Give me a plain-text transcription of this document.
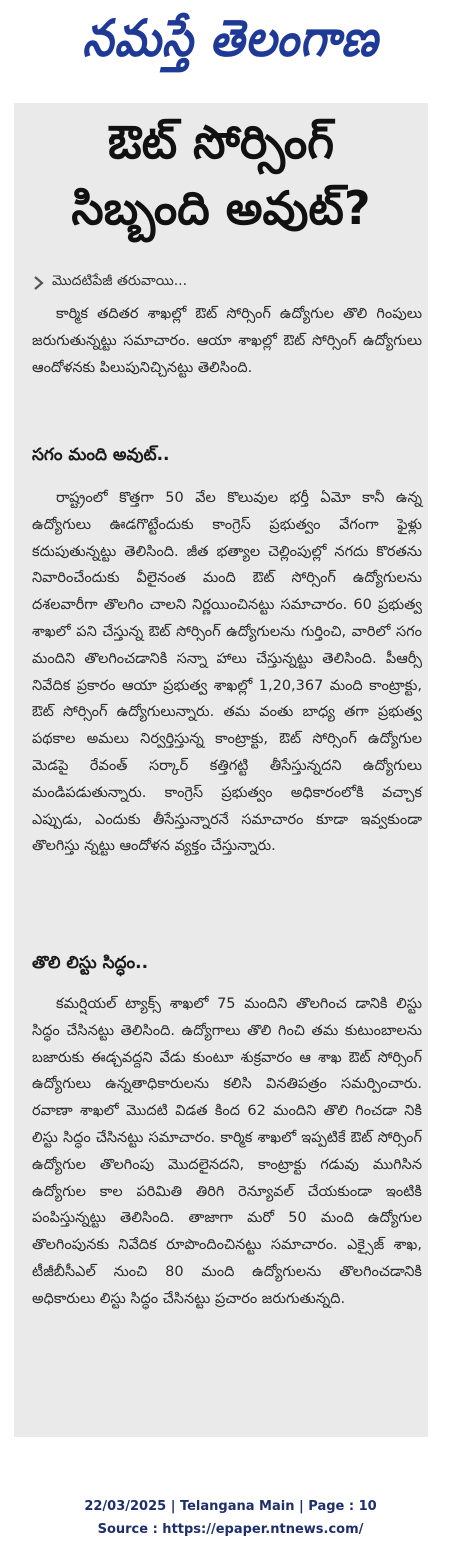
నమస్తే తెలంగాణ
ఔట్ సోర్సింగ్
సిబ్బంది అవుట్?
మొదటిపేజీ తరువాయి...

కార్మిక తదితర శాఖల్లో ఔట్ సోర్సింగ్ ఉద్యోగుల తొలి గింపులు జరుగుతున్నట్టు సమాచారం. ఆయా శాఖల్లో ఔట్ సోర్సింగ్ ఉద్యోగులు ఆందోళనకు పిలుపునిచ్చినట్టు తెలిసింది.

సగం మంది అవుట్..

రాష్ట్రంలో కొత్తగా 50 వేల కొలువుల భర్తీ ఏమో కానీ ఉన్న ఉద్యోగులు ఊడగొట్టేందుకు కాంగ్రెస్ ప్రభుత్వం వేగంగా ఫైళ్లు కదుపుతున్నట్టు తెలిసింది. జీత భత్యాల చెల్లింపుల్లో నగదు కొరతను నివారించేందుకు వీలైనంత మంది ఔట్ సోర్సింగ్ ఉద్యోగులను దశలవారీగా తొలగిం చాలని నిర్ణయించినట్టు సమాచారం. 60 ప్రభుత్వ శాఖలో పని చేస్తున్న ఔట్ సోర్సింగ్ ఉద్యోగులను గుర్తించి, వారిలో సగం మందిని తొలగించడానికి సన్నా హాలు చేస్తున్నట్టు తెలిసింది. పీఆర్సీ నివేదిక ప్రకారం ఆయా ప్రభుత్వ శాఖల్లో 1,20,367 మంది కాంట్రాక్టు, ఔట్ సోర్సింగ్ ఉద్యోగులున్నారు. తమ వంతు బాధ్య తగా ప్రభుత్వ పథకాల అమలు నిర్వర్తిస్తున్న కాంట్రాక్టు, ఔట్ సోర్సింగ్ ఉద్యోగుల మెడపై రేవంత్ సర్కార్ కత్తిగట్టి తీసేస్తున్నదని ఉద్యోగులు మండిపడుతున్నారు. కాంగ్రెస్ ప్రభుత్వం అధికారంలోకి వచ్చాక ఎప్పుడు, ఎందుకు తీసేస్తున్నారనే సమాచారం కూడా ఇవ్వకుండా తొలగిస్తు న్నట్టు ఆందోళన వ్యక్తం చేస్తున్నారు.

తొలి లిస్టు సిద్ధం..

కమర్షియల్ ట్యాక్స్ శాఖలో 75 మందిని తొలగించ డానికి లిస్టు సిద్ధం చేసినట్టు తెలిసింది. ఉద్యోగాలు తొలి గించి తమ కుటుంబాలను బజారుకు ఈడ్చవద్దని వేడు కుంటూ శుక్రవారం ఆ శాఖ ఔట్ సోర్సింగ్ ఉద్యోగులు ఉన్నతాధికారులను కలిసి వినతిపత్రం సమర్పించారు. రవాణా శాఖలో మొదటి విడత కింద 62 మందిని తొలి గించడా నికి లిస్టు సిద్ధం చేసినట్టు సమాచారం. కార్మిక శాఖలో ఇప్పటికే ఔట్ సోర్సింగ్ ఉద్యోగుల తొలగింపు మొదలైనదని, కాంట్రాక్టు గడువు ముగిసిన ఉద్యోగుల కాల పరిమితి తిరిగి రెన్యూవల్ చేయకుండా ఇంటికి పంపిస్తున్నట్టు తెలిసింది. తాజాగా మరో 50 మంది ఉద్యోగుల తొలగింపునకు నివేదిక రూపొందించినట్టు సమాచారం. ఎక్సైజ్ శాఖ, టీజీబీసీఎల్ నుంచి 80 మంది ఉద్యోగులను తొలగించడానికి అధికారులు లిస్టు సిద్ధం చేసినట్టు ప్రచారం జరుగుతున్నది.

22/03/2025 | Telangana Main | Page : 10
Source : https://epaper.ntnews.com/
